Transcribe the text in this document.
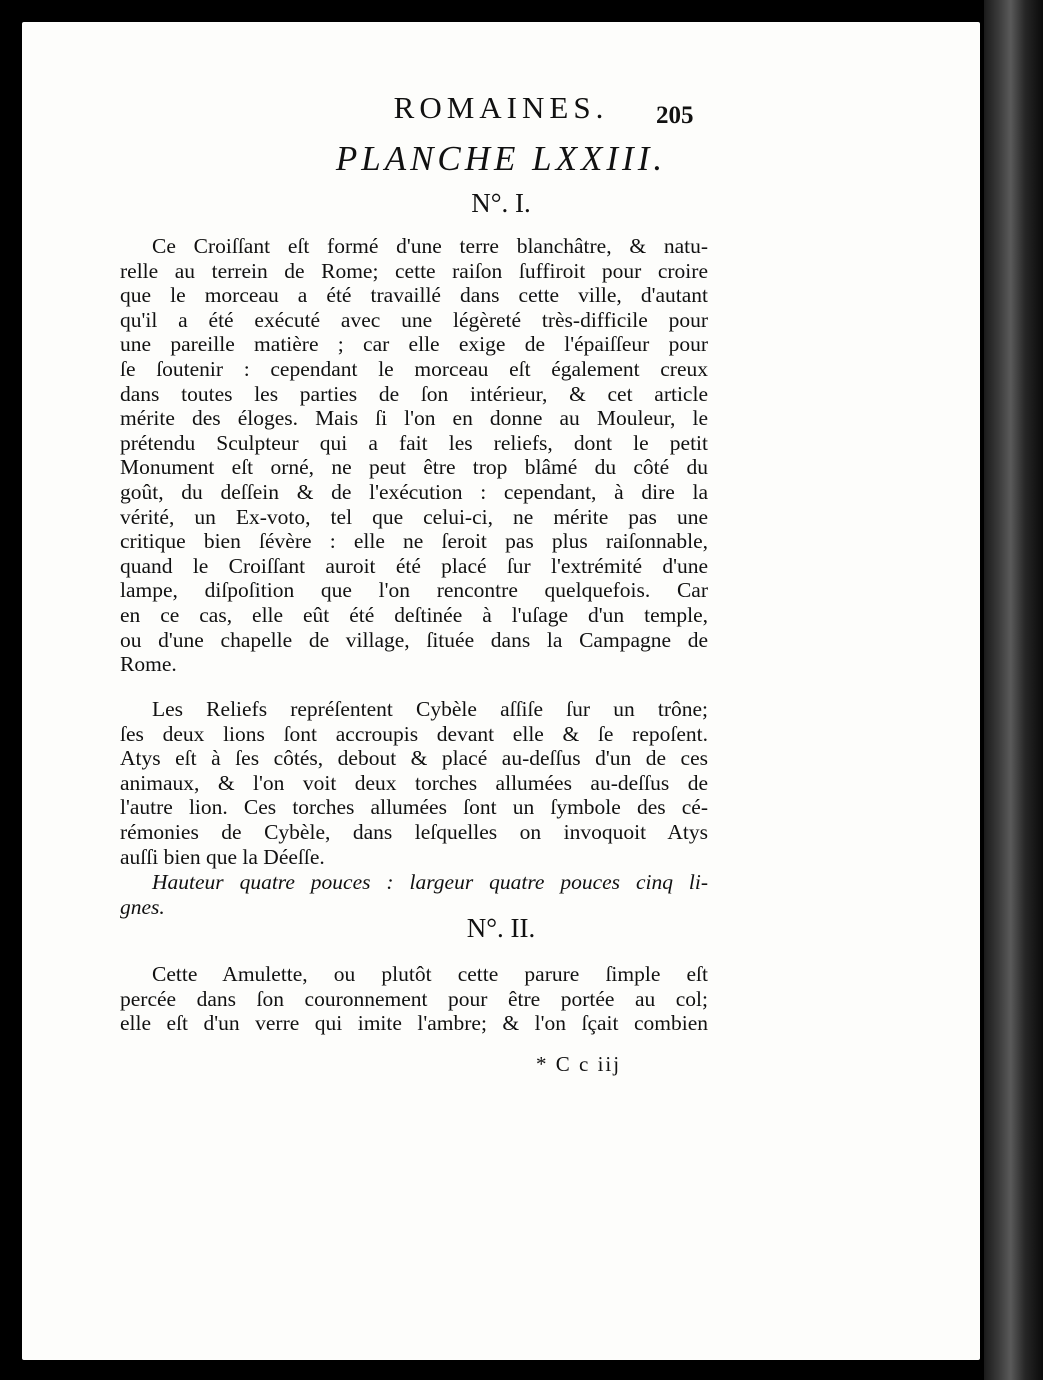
ROMAINES.	205
PLANCHE LXXIII.
N°. I.
Ce Croiſſant eſt formé d'une terre blanchâtre, & natu-
relle au terrein de Rome; cette raiſon ſuffiroit pour croire
que le morceau a été travaillé dans cette ville, d'autant
qu'il a été exécuté avec une légèreté très-difficile pour
une pareille matière ; car elle exige de l'épaiſſeur pour
ſe ſoutenir : cependant le morceau eſt également creux
dans toutes les parties de ſon intérieur, & cet article
mérite des éloges. Mais ſi l'on en donne au Mouleur, le
prétendu Sculpteur qui a fait les reliefs, dont le petit
Monument eſt orné, ne peut être trop blâmé du côté du
goût, du deſſein & de l'exécution : cependant, à dire la
vérité, un Ex-voto, tel que celui-ci, ne mérite pas une
critique bien ſévère : elle ne ſeroit pas plus raiſonnable,
quand le Croiſſant auroit été placé ſur l'extrémité d'une
lampe, diſpoſition que l'on rencontre quelquefois. Car
en ce cas, elle eût été deſtinée à l'uſage d'un temple,
ou d'une chapelle de village, ſituée dans la Campagne de
Rome.
Les Reliefs repréſentent Cybèle aſſiſe ſur un trône;
ſes deux lions ſont accroupis devant elle & ſe repoſent.
Atys eſt à ſes côtés, debout & placé au-deſſus d'un de ces
animaux, & l'on voit deux torches allumées au-deſſus de
l'autre lion. Ces torches allumées ſont un ſymbole des cé-
rémonies de Cybèle, dans leſquelles on invoquoit Atys
auſſi bien que la Déeſſe.
Hauteur quatre pouces : largeur quatre pouces cinq li-
gnes.
N°. II.
Cette Amulette, ou plutôt cette parure ſimple eſt
percée dans ſon couronnement pour être portée au col;
elle eſt d'un verre qui imite l'ambre; & l'on ſçait combien
* C c iij
